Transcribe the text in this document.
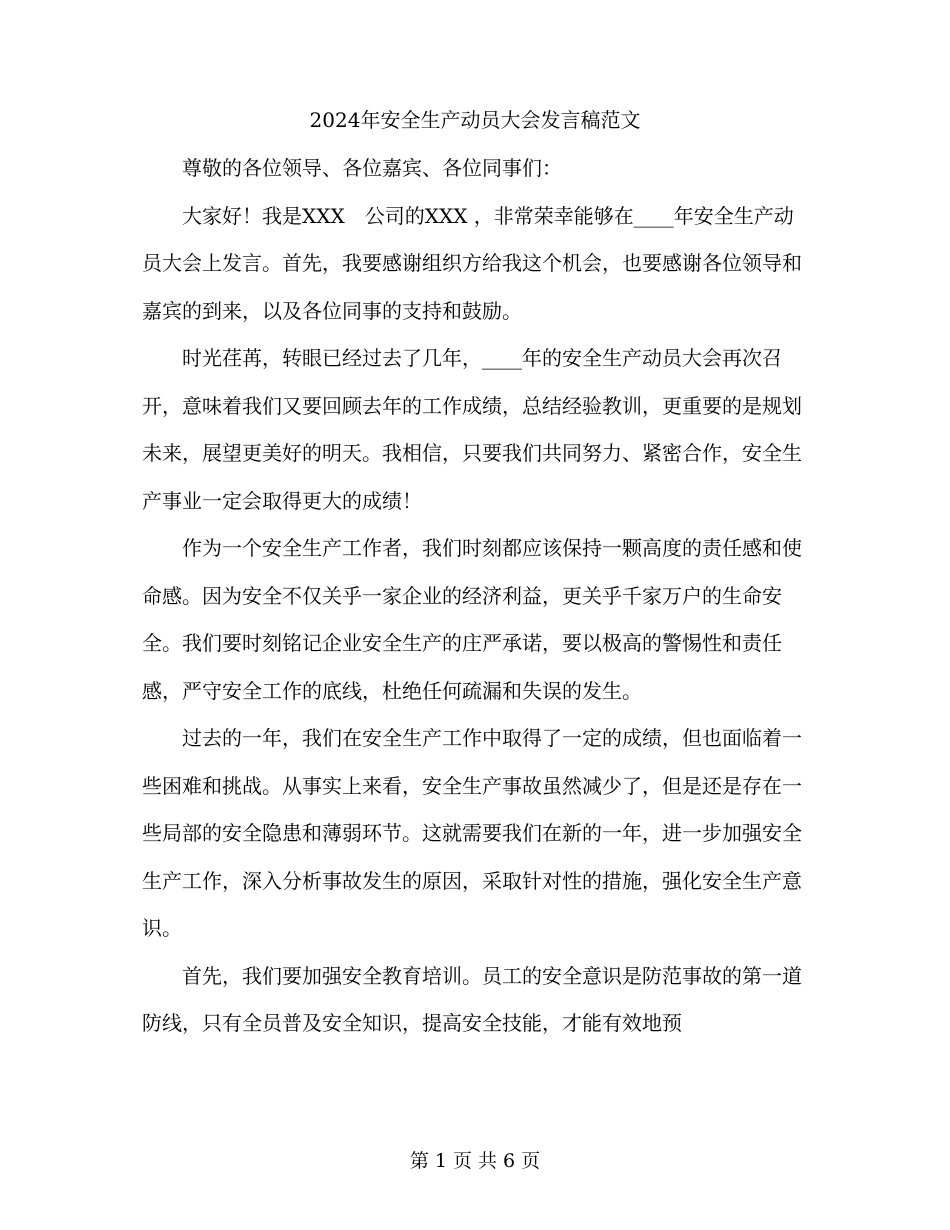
2024年安全生产动员大会发言稿范文

尊敬的各位领导、各位嘉宾、各位同事们：

大家好！我是XXX　公司的XXX ，非常荣幸能够在____年安全生产动员大会上发言。首先，我要感谢组织方给我这个机会，也要感谢各位领导和嘉宾的到来，以及各位同事的支持和鼓励。

时光荏苒，转眼已经过去了几年，____年的安全生产动员大会再次召开，意味着我们又要回顾去年的工作成绩，总结经验教训，更重要的是规划未来，展望更美好的明天。我相信，只要我们共同努力、紧密合作，安全生产事业一定会取得更大的成绩！

作为一个安全生产工作者，我们时刻都应该保持一颗高度的责任感和使命感。因为安全不仅关乎一家企业的经济利益，更关乎千家万户的生命安全。我们要时刻铭记企业安全生产的庄严承诺，要以极高的警惕性和责任感，严守安全工作的底线，杜绝任何疏漏和失误的发生。

过去的一年，我们在安全生产工作中取得了一定的成绩，但也面临着一些困难和挑战。从事实上来看，安全生产事故虽然减少了，但是还是存在一些局部的安全隐患和薄弱环节。这就需要我们在新的一年，进一步加强安全生产工作，深入分析事故发生的原因，采取针对性的措施，强化安全生产意识。

首先，我们要加强安全教育培训。员工的安全意识是防范事故的第一道防线，只有全员普及安全知识，提高安全技能，才能有效地预

第 1 页 共 6 页
